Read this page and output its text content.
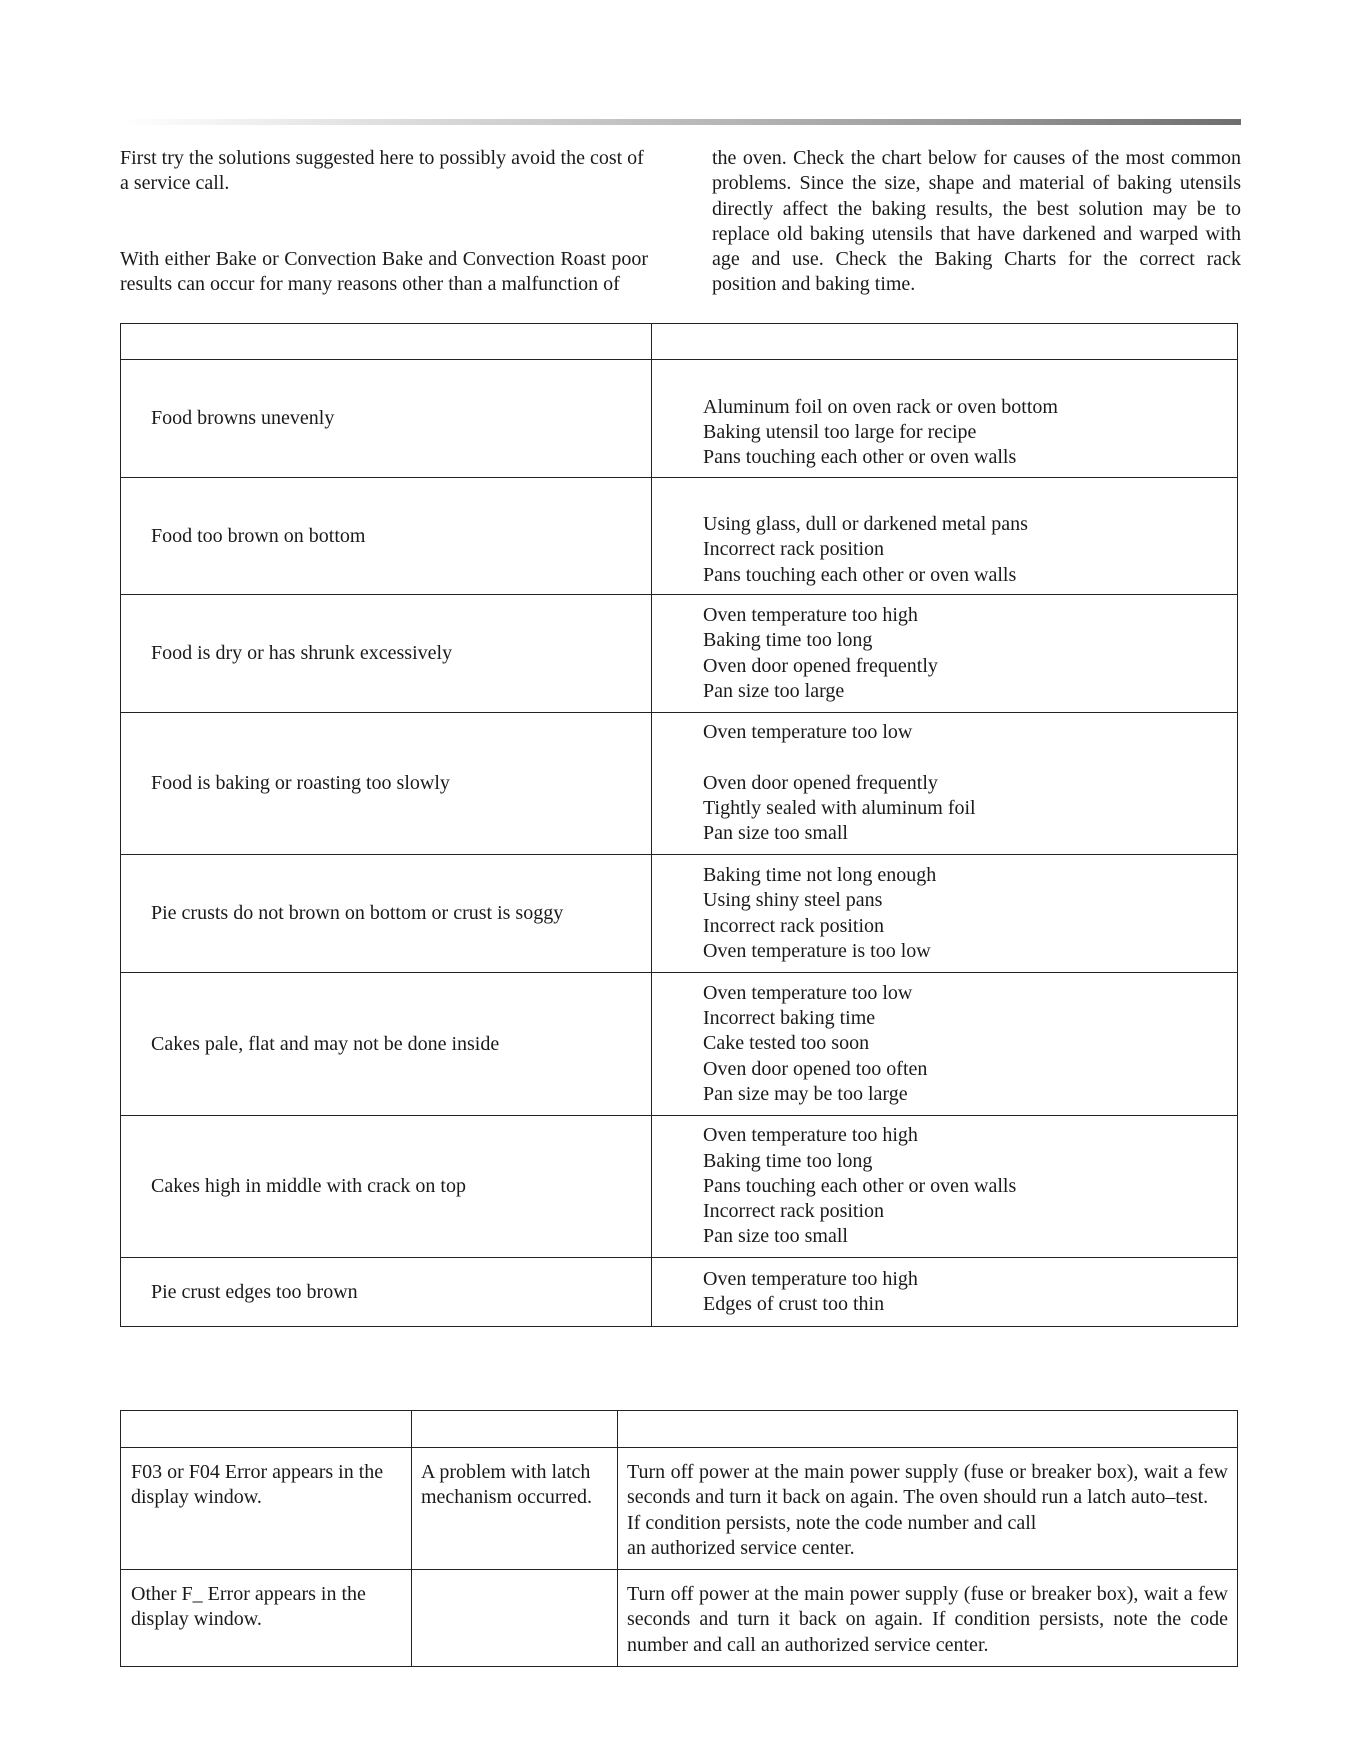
First try the solutions suggested here to possibly avoid the cost of a service call.

With either Bake or Convection Bake and Convection Roast poor results can occur for many reasons other than a malfunction of

the oven. Check the chart below for causes of the most common problems. Since the size, shape and material of baking utensils directly affect the baking results, the best solution may be to replace old baking utensils that have darkened and warped with age and use. Check the Baking Charts for the correct rack position and baking time.

Food browns unevenly	Aluminum foil on oven rack or oven bottom
Baking utensil too large for recipe
Pans touching each other or oven walls

Food too brown on bottom	Using glass, dull or darkened metal pans
Incorrect rack position
Pans touching each other or oven walls

Food is dry or has shrunk excessively	Oven temperature too high
Baking time too long
Oven door opened frequently
Pan size too large

Food is baking or roasting too slowly	Oven temperature too low
Oven door opened frequently
Tightly sealed with aluminum foil
Pan size too small

Pie crusts do not brown on bottom or crust is soggy	Baking time not long enough
Using shiny steel pans
Incorrect rack position
Oven temperature is too low

Cakes pale, flat and may not be done inside	Oven temperature too low
Incorrect baking time
Cake tested too soon
Oven door opened too often
Pan size may be too large

Cakes high in middle with crack on top	Oven temperature too high
Baking time too long
Pans touching each other or oven walls
Incorrect rack position
Pan size too small

Pie crust edges too brown	Oven temperature too high
Edges of crust too thin

F03 or F04 Error appears in the display window.	A problem with latch mechanism occurred.	Turn off power at the main power supply (fuse or breaker box), wait a few seconds and turn it back on again. The oven should run a latch auto–test.
If condition persists, note the code number and call
an authorized service center.

Other F_ Error appears in the display window.		Turn off power at the main power supply (fuse or breaker box), wait a few seconds and turn it back on again. If condition persists, note the code number and call an authorized service center.
